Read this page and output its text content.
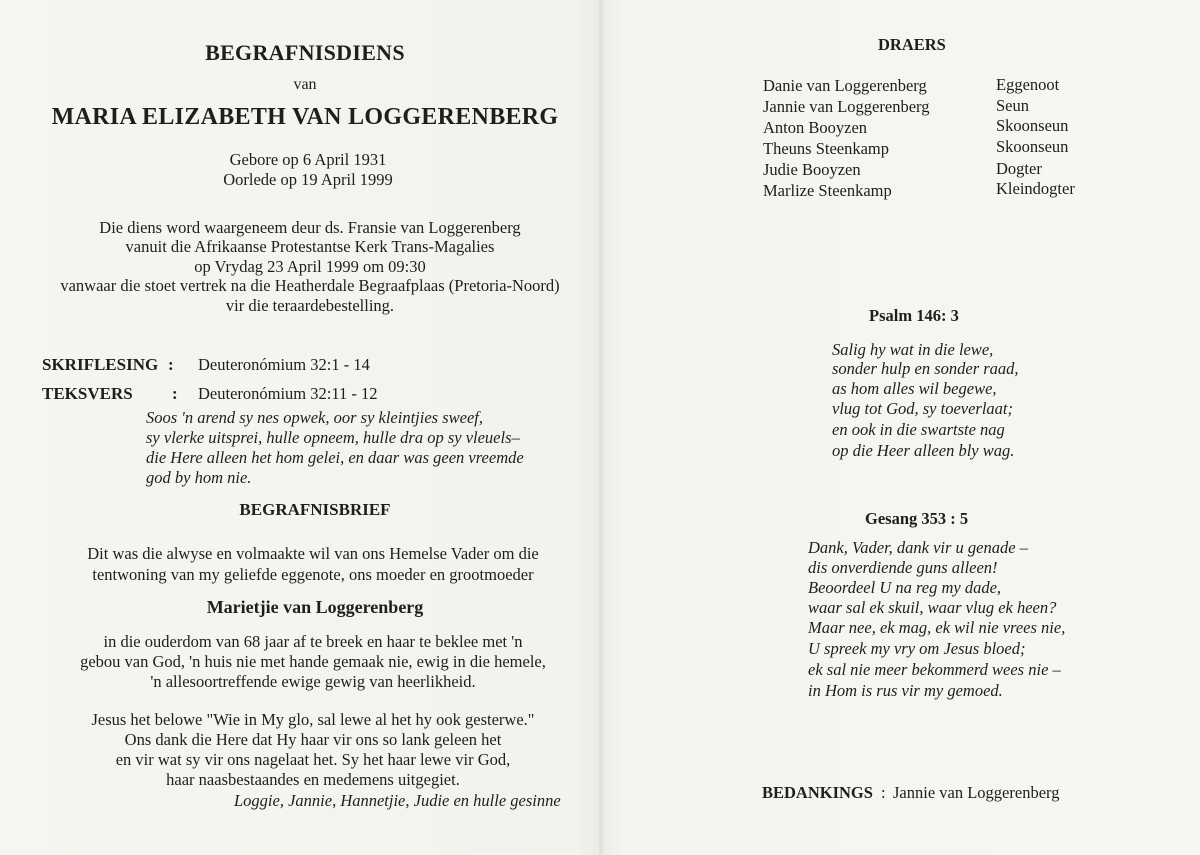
BEGRAFNISDIENS
van
MARIA ELIZABETH VAN LOGGERENBERG
Gebore op 6 April 1931
Oorlede op 19 April 1999
Die diens word waargeneem deur ds. Fransie van Loggerenberg
vanuit die Afrikaanse Protestantse Kerk Trans-Magalies
op Vrydag 23 April 1999 om 09:30
vanwaar die stoet vertrek na die Heatherdale Begraafplaas (Pretoria-Noord)
vir die teraardebestelling.
SKRIFLESING : Deuteronómium 32:1 - 14
TEKSVERS : Deuteronómium 32:11 - 12
Soos 'n arend sy nes opwek, oor sy kleintjies sweef,
sy vlerke uitsprei, hulle opneem, hulle dra op sy vleuels–
die Here alleen het hom gelei, en daar was geen vreemde
god by hom nie.
BEGRAFNISBRIEF
Dit was die alwyse en volmaakte wil van ons Hemelse Vader om die
tentwoning van my geliefde eggenote, ons moeder en grootmoeder
Marietjie van Loggerenberg
in die ouderdom van 68 jaar af te breek en haar te beklee met 'n
gebou van God, 'n huis nie met hande gemaak nie, ewig in die hemele,
'n allesoortreffende ewige gewig van heerlikheid.
Jesus het belowe "Wie in My glo, sal lewe al het hy ook gesterwe."
Ons dank die Here dat Hy haar vir ons so lank geleen het
en vir wat sy vir ons nagelaat het. Sy het haar lewe vir God,
haar naasbestaandes en medemens uitgegiet.
Loggie, Jannie, Hannetjie, Judie en hulle gesinne
DRAERS
Danie van Loggerenberg	Eggenoot
Jannie van Loggerenberg	Seun
Anton Booyzen	Skoonseun
Theuns Steenkamp	Skoonseun
Judie Booyzen	Dogter
Marlize Steenkamp	Kleindogter
Psalm 146: 3
Salig hy wat in die lewe,
sonder hulp en sonder raad,
as hom alles wil begewe,
vlug tot God, sy toeverlaat;
en ook in die swartste nag
op die Heer alleen bly wag.
Gesang 353 : 5
Dank, Vader, dank vir u genade –
dis onverdiende guns alleen!
Beoordeel U na reg my dade,
waar sal ek skuil, waar vlug ek heen?
Maar nee, ek mag, ek wil nie vrees nie,
U spreek my vry om Jesus bloed;
ek sal nie meer bekommerd wees nie –
in Hom is rus vir my gemoed.
BEDANKINGS : Jannie van Loggerenberg
